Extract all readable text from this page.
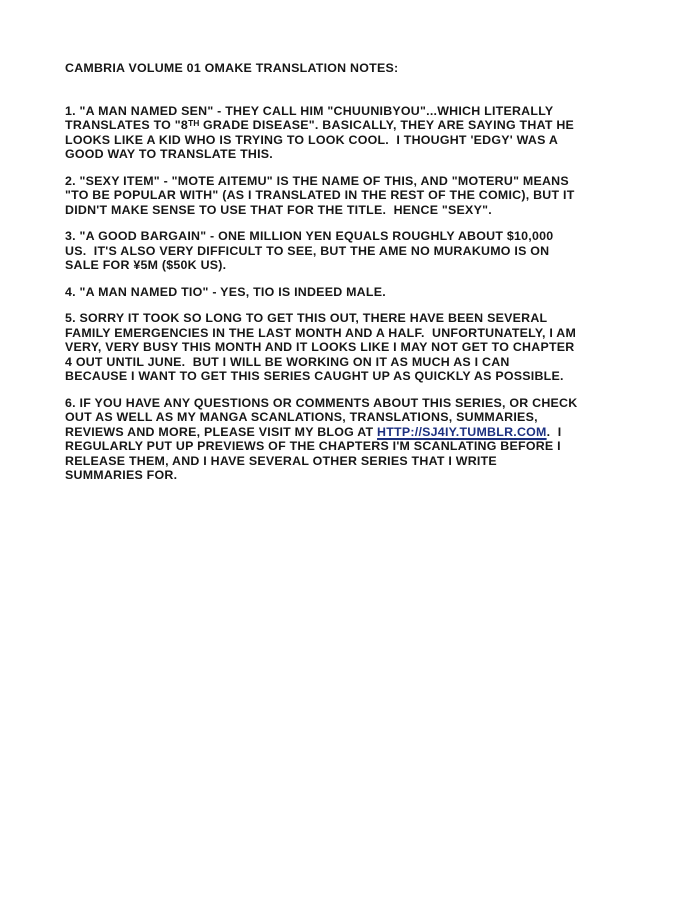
CAMBRIA VOLUME 01 OMAKE TRANSLATION NOTES:
1. "A MAN NAMED SEN" - THEY CALL HIM "CHUUNIBYOU"...WHICH LITERALLY
TRANSLATES TO "8ᵀᴴ GRADE DISEASE". BASICALLY, THEY ARE SAYING THAT HE
LOOKS LIKE A KID WHO IS TRYING TO LOOK COOL.  I THOUGHT 'EDGY' WAS A
GOOD WAY TO TRANSLATE THIS.
2. "SEXY ITEM" - "MOTE AITEMU" IS THE NAME OF THIS, AND "MOTERU" MEANS
"TO BE POPULAR WITH" (AS I TRANSLATED IN THE REST OF THE COMIC), BUT IT
DIDN'T MAKE SENSE TO USE THAT FOR THE TITLE.  HENCE "SEXY".
3. "A GOOD BARGAIN" - ONE MILLION YEN EQUALS ROUGHLY ABOUT $10,000
US.  IT'S ALSO VERY DIFFICULT TO SEE, BUT THE AME NO MURAKUMO IS ON
SALE FOR ¥5M ($50K US).
4. "A MAN NAMED TIO" - YES, TIO IS INDEED MALE.
5. SORRY IT TOOK SO LONG TO GET THIS OUT, THERE HAVE BEEN SEVERAL
FAMILY EMERGENCIES IN THE LAST MONTH AND A HALF.  UNFORTUNATELY, I AM
VERY, VERY BUSY THIS MONTH AND IT LOOKS LIKE I MAY NOT GET TO CHAPTER
4 OUT UNTIL JUNE.  BUT I WILL BE WORKING ON IT AS MUCH AS I CAN
BECAUSE I WANT TO GET THIS SERIES CAUGHT UP AS QUICKLY AS POSSIBLE.
6. IF YOU HAVE ANY QUESTIONS OR COMMENTS ABOUT THIS SERIES, OR CHECK
OUT AS WELL AS MY MANGA SCANLATIONS, TRANSLATIONS, SUMMARIES,
REVIEWS AND MORE, PLEASE VISIT MY BLOG AT HTTP://SJ4IY.TUMBLR.COM.  I
REGULARLY PUT UP PREVIEWS OF THE CHAPTERS I'M SCANLATING BEFORE I
RELEASE THEM, AND I HAVE SEVERAL OTHER SERIES THAT I WRITE
SUMMARIES FOR.
